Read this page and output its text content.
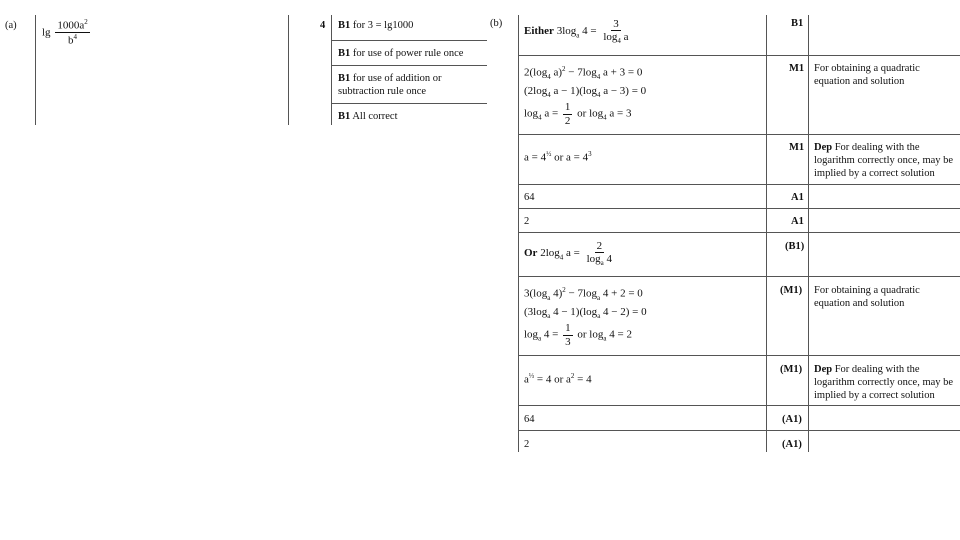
(a)
$\lg \frac{1000a^2}{b^4}$	4 B1 for 3 = lg1000
B1 for use of power rule once
B1 for use of addition or subtraction rule once
B1 All correct
(b)
Either $3\log_a$ $4 = \frac{3}{\log_4 a}$	B1
$2(\log_4$ $a)^2 - 7\log_4$ a + 3 = 0
($2\log_4$ $a - 1)(\log_4$ a − 3) = 0
$\log_4 a = \frac{1}{2}$ or $\log_4 a = 3$
M1 For obtaining a quadratic equation and solution
$a = 4^{\frac{1}{2}}$ or $a = 4^3$
M1 Dep For dealing with the logarithm correctly once, may be implied by a correct solution
64	A1
2	A1
Or $2\log_4$ $a = \frac{2}{\log_a 4}$	(B1)
$3(\log_a$ $4)^2 - 7\log_a$ 4 + 2 = 0
($3\log_a$ $4 - 1)(\log_a$ 4 − 2) = 0
$\log_a 4 = \frac{1}{3}$ or $\log_a 4 = 2$
(M1) For obtaining a quadratic equation and solution
$a^{\frac{1}{3}} = 4$ or $a^2 = 4$
(M1) Dep For dealing with the logarithm correctly once, may be implied by a correct solution
64	(A1)
2	(A1)
